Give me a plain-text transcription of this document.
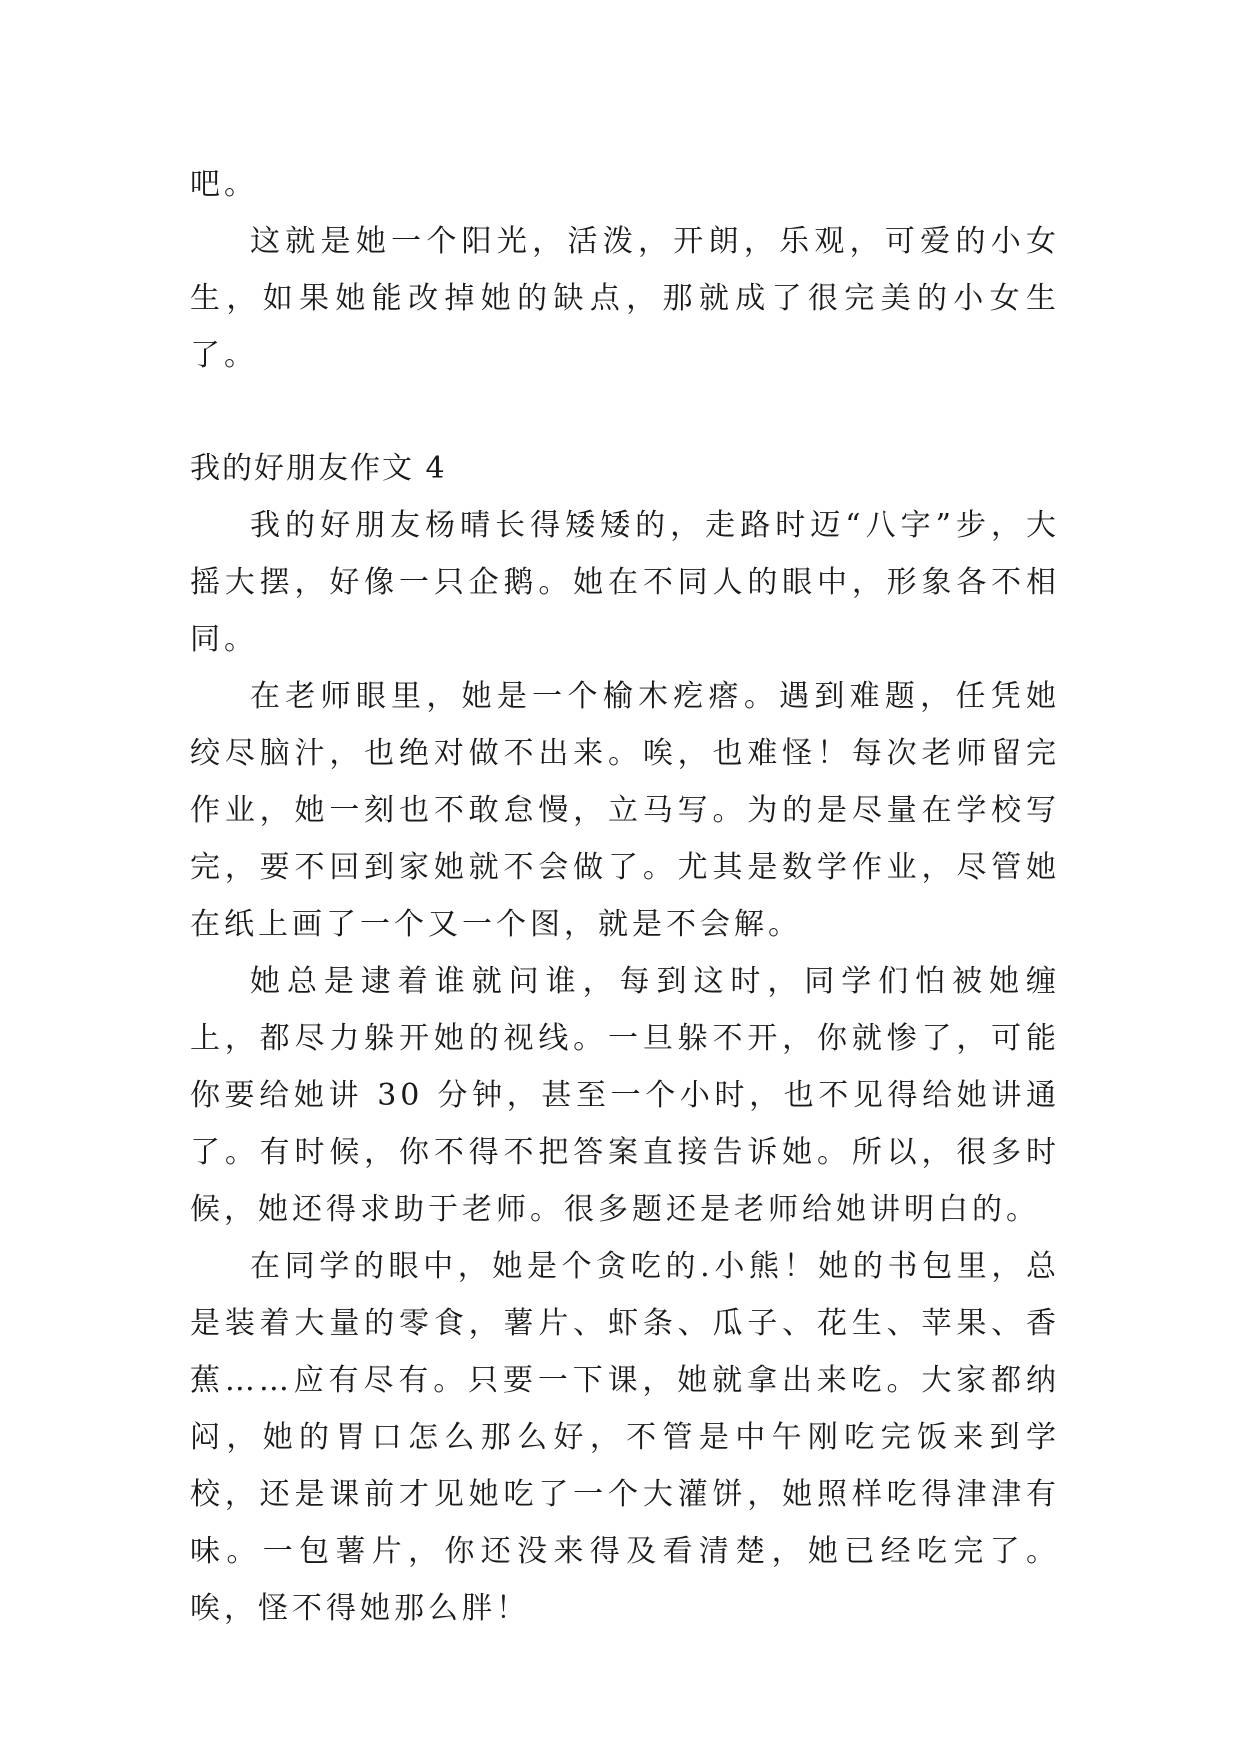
吧。

这就是她一个阳光，活泼，开朗，乐观，可爱的小女生，如果她能改掉她的缺点，那就成了很完美的小女生了。

我的好朋友作文 4

我的好朋友杨晴长得矮矮的，走路时迈“八字”步，大摇大摆，好像一只企鹅。她在不同人的眼中，形象各不相同。

在老师眼里，她是一个榆木疙瘩。遇到难题，任凭她绞尽脑汁，也绝对做不出来。唉，也难怪！每次老师留完作业，她一刻也不敢怠慢，立马写。为的是尽量在学校写完，要不回到家她就不会做了。尤其是数学作业，尽管她在纸上画了一个又一个图，就是不会解。

她总是逮着谁就问谁，每到这时，同学们怕被她缠上，都尽力躲开她的视线。一旦躲不开，你就惨了，可能你要给她讲 30 分钟，甚至一个小时，也不见得给她讲通了。有时候，你不得不把答案直接告诉她。所以，很多时候，她还得求助于老师。很多题还是老师给她讲明白的。

在同学的眼中，她是个贪吃的.小熊！她的书包里，总是装着大量的零食，薯片、虾条、瓜子、花生、苹果、香蕉……应有尽有。只要一下课，她就拿出来吃。大家都纳闷，她的胃口怎么那么好，不管是中午刚吃完饭来到学校，还是课前才见她吃了一个大灌饼，她照样吃得津津有味。一包薯片，你还没来得及看清楚，她已经吃完了。唉，怪不得她那么胖！
